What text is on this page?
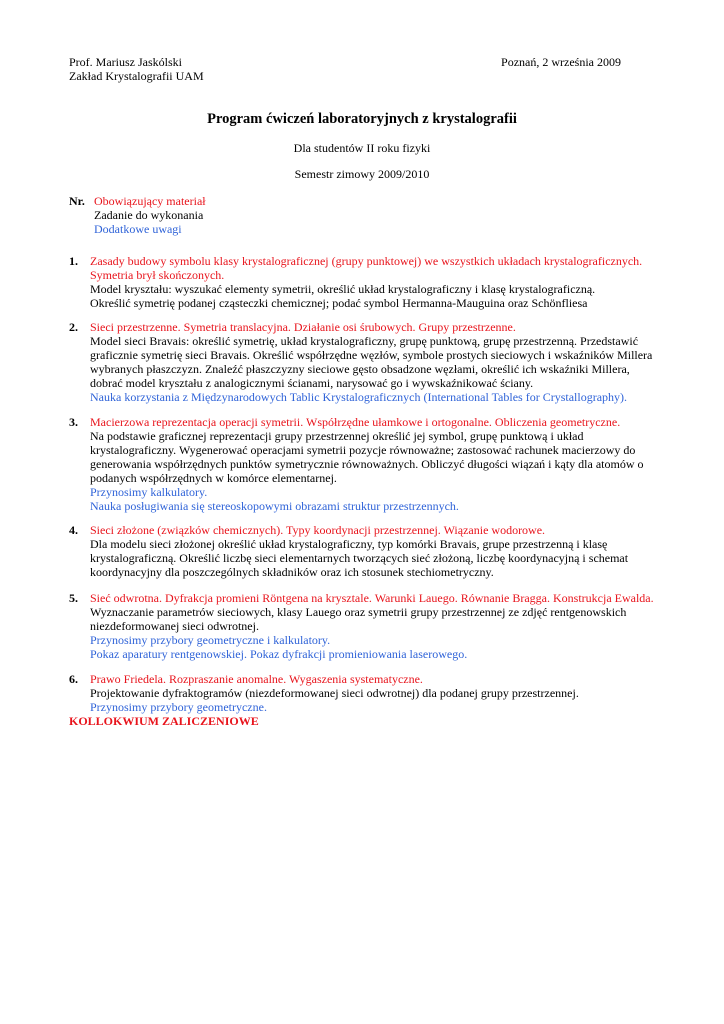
Prof. Mariusz Jaskólski
Zakład Krystalografii UAM
Poznań, 2 września 2009
Program ćwiczeń laboratoryjnych z krystalografii
Dla studentów II roku fizyki
Semestr zimowy 2009/2010
Nr. Obowiązujący materiał
Zadanie do wykonania
Dodatkowe uwagi
1.	Zasady budowy symbolu klasy krystalograficznej (grupy punktowej) we wszystkich układach krystalograficznych.
Symetria brył skończonych.
Model kryształu: wyszukać elementy symetrii, określić układ krystalograficzny i klasę krystalograficzną.
Określić symetrię podanej cząsteczki chemicznej; podać symbol Hermanna-Mauguina oraz Schönfliesa
2.	Sieci przestrzenne. Symetria translacyjna. Działanie osi śrubowych. Grupy przestrzenne.
Model sieci Bravais: określić symetrię, układ krystalograficzny, grupę punktową, grupę przestrzenną. Przedstawić
graficznie symetrię sieci Bravais. Określić współrzędne węzłów, symbole prostych sieciowych i wskaźników Millera
wybranych płaszczyzn. Znaleźć płaszczyzny sieciowe gęsto obsadzone węzłami, określić ich wskaźniki Millera,
dobrać model kryształu z analogicznymi ścianami, narysować go i wywskaźnikować ściany.
Nauka korzystania z Międzynarodowych Tablic Krystalograficznych (International Tables for Crystallography).
3.	Macierzowa reprezentacja operacji symetrii. Współrzędne ułamkowe i ortogonalne. Obliczenia geometryczne.
Na podstawie graficznej reprezentacji grupy przestrzennej określić jej symbol, grupę punktową i układ
krystalograficzny. Wygenerować operacjami symetrii pozycje równoważne; zastosować rachunek macierzowy do
generowania współrzędnych punktów symetrycznie równoważnych. Obliczyć długości wiązań i kąty dla atomów o
podanych współrzędnych w komórce elementarnej.
Przynosimy kalkulatory.
Nauka posługiwania się stereoskopowymi obrazami struktur przestrzennych.
4.	Sieci złożone (związków chemicznych). Typy koordynacji przestrzennej. Wiązanie wodorowe.
Dla modelu sieci złożonej określić układ krystalograficzny, typ komórki Bravais, grupe przestrzenną i klasę
krystalograficzną. Określić liczbę sieci elementarnych tworzących sieć złożoną, liczbę koordynacyjną i schemat
koordynacyjny dla poszczególnych składników oraz ich stosunek stechiometryczny.
5.	Sieć odwrotna. Dyfrakcja promieni Röntgena na krysztale. Warunki Lauego. Równanie Bragga. Konstrukcja Ewalda.
Wyznaczanie parametrów sieciowych, klasy Lauego oraz symetrii grupy przestrzennej ze zdjęć rentgenowskich
niezdeformowanej sieci odwrotnej.
Przynosimy przybory geometryczne i kalkulatory.
Pokaz aparatury rentgenowskiej. Pokaz dyfrakcji promieniowania laserowego.
6.	Prawo Friedela. Rozpraszanie anomalne. Wygaszenia systematyczne.
Projektowanie dyfraktogramów (niezdeformowanej sieci odwrotnej) dla podanej grupy przestrzennej.
Przynosimy przybory geometryczne.
KOLLOKWIUM ZALICZENIOWE
